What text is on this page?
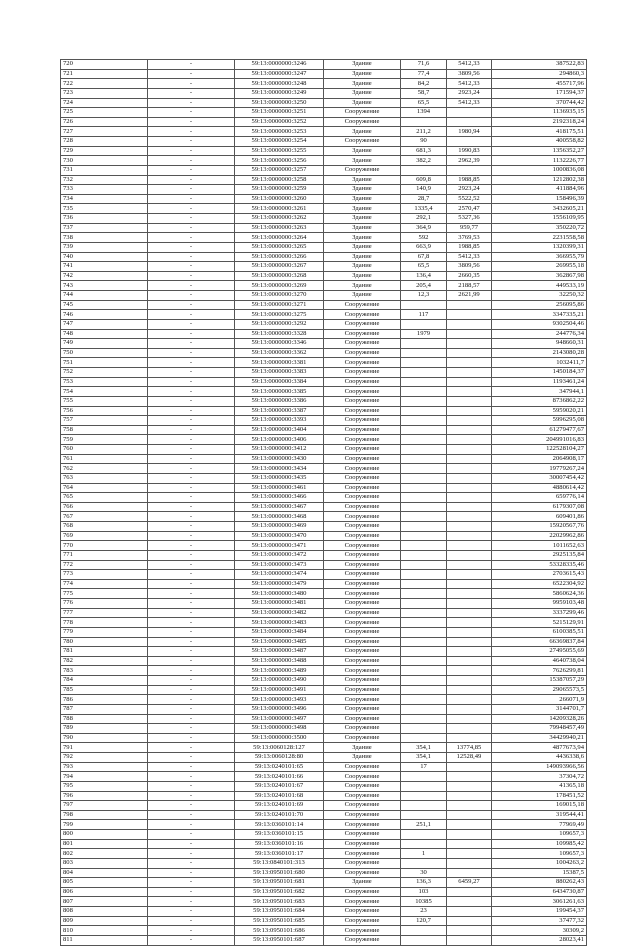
720	-	59:13:0000000:3246	Здание	71,6	5412,33	387522,83
721	-	59:13:0000000:3247	Здание	77,4	3809,56	294860,3
722	-	59:13:0000000:3248	Здание	84,2	5412,33	455717,96
723	-	59:13:0000000:3249	Здание	58,7	2923,24	171594,37
724	-	59:13:0000000:3250	Здание	65,5	5412,33	370744,42
725	-	59:13:0000000:3251	Сооружение	1394		1136935,15
726	-	59:13:0000000:3252	Сооружение			2192318,24
727	-	59:13:0000000:3253	Здание	211,2	1980,94	418175,51
728	-	59:13:0000000:3254	Сооружение	90		400558,82
729	-	59:13:0000000:3255	Здание	681,3	1990,83	1356352,27
730	-	59:13:0000000:3256	Здание	382,2	2962,39	1132226,77
731	-	59:13:0000000:3257	Сооружение			1000836,08
732	-	59:13:0000000:3258	Здание	609,8	1988,85	1212802,38
733	-	59:13:0000000:3259	Здание	140,9	2923,24	411884,96
734	-	59:13:0000000:3260	Здание	28,7	5522,52	158496,39
735	-	59:13:0000000:3261	Здание	1335,4	2570,47	3432605,21
736	-	59:13:0000000:3262	Здание	292,1	5327,36	1556109,95
737	-	59:13:0000000:3263	Здание	364,9	959,77	350220,72
738	-	59:13:0000000:3264	Здание	592	3769,53	2231558,58
739	-	59:13:0000000:3265	Здание	663,9	1988,85	1320399,31
740	-	59:13:0000000:3266	Здание	67,8	5412,33	366955,79
741	-	59:13:0000000:3267	Здание	65,5	3809,56	269955,18
742	-	59:13:0000000:3268	Здание	136,4	2660,35	362867,98
743	-	59:13:0000000:3269	Здание	205,4	2188,57	449533,19
744	-	59:13:0000000:3270	Здание	12,3	2621,99	32250,32
745	-	59:13:0000000:3271	Сооружение			256095,86
746	-	59:13:0000000:3275	Сооружение	117		3347335,21
747	-	59:13:0000000:3292	Сооружение			9302504,46
748	-	59:13:0000000:3328	Сооружение	1979		244776,34
749	-	59:13:0000000:3346	Сооружение			948660,31
750	-	59:13:0000000:3362	Сооружение			2143080,28
751	-	59:13:0000000:3381	Сооружение			1032411,7
752	-	59:13:0000000:3383	Сооружение			1450184,37
753	-	59:13:0000000:3384	Сооружение			1193461,24
754	-	59:13:0000000:3385	Сооружение			347944,1
755	-	59:13:0000000:3386	Сооружение			8736862,22
756	-	59:13:0000000:3387	Сооружение			5959020,21
757	-	59:13:0000000:3393	Сооружение			5996295,08
758	-	59:13:0000000:3404	Сооружение			61279477,67
759	-	59:13:0000000:3406	Сооружение			204991016,83
760	-	59:13:0000000:3412	Сооружение			122528104,27
761	-	59:13:0000000:3430	Сооружение			2064908,17
762	-	59:13:0000000:3434	Сооружение			19779267,24
763	-	59:13:0000000:3435	Сооружение			30007454,42
764	-	59:13:0000000:3461	Сооружение			4880614,42
765	-	59:13:0000000:3466	Сооружение			659776,14
766	-	59:13:0000000:3467	Сооружение			6179307,08
767	-	59:13:0000000:3468	Сооружение			609401,86
768	-	59:13:0000000:3469	Сооружение			15920567,76
769	-	59:13:0000000:3470	Сооружение			22029962,86
770	-	59:13:0000000:3471	Сооружение			1011652,63
771	-	59:13:0000000:3472	Сооружение			2925135,84
772	-	59:13:0000000:3473	Сооружение			53328335,46
773	-	59:13:0000000:3474	Сооружение			2703615,43
774	-	59:13:0000000:3479	Сооружение			6522304,92
775	-	59:13:0000000:3480	Сооружение			5860624,36
776	-	59:13:0000000:3481	Сооружение			9959103,48
777	-	59:13:0000000:3482	Сооружение			3337299,46
778	-	59:13:0000000:3483	Сооружение			5215129,91
779	-	59:13:0000000:3484	Сооружение			6100385,51
780	-	59:13:0000000:3485	Сооружение			66369837,84
781	-	59:13:0000000:3487	Сооружение			27495055,69
782	-	59:13:0000000:3488	Сооружение			4640738,04
783	-	59:13:0000000:3489	Сооружение			7626299,81
784	-	59:13:0000000:3490	Сооружение			15387057,29
785	-	59:13:0000000:3491	Сооружение			29065573,5
786	-	59:13:0000000:3493	Сооружение			266071,9
787	-	59:13:0000000:3496	Сооружение			3144701,7
788	-	59:13:0000000:3497	Сооружение			14209328,26
789	-	59:13:0000000:3498	Сооружение			79948457,49
790	-	59:13:0000000:3500	Сооружение			34429940,21
791	-	59:13:0060128:127	Здание	354,1	13774,85	4877673,94
792	-	59:13:0060128:80	Здание	354,1	12528,49	4436338,6
793	-	59:13:0240101:65	Сооружение	17		149093966,56
794	-	59:13:0240101:66	Сооружение			37304,72
795	-	59:13:0240101:67	Сооружение			41365,18
796	-	59:13:0240101:68	Сооружение			178451,52
797	-	59:13:0240101:69	Сооружение			169015,18
798	-	59:13:0240101:70	Сооружение			319544,41
799	-	59:13:0360101:14	Сооружение	251,1		77969,49
800	-	59:13:0360101:15	Сооружение			109657,3
801	-	59:13:0360101:16	Сооружение			109985,42
802	-	59:13:0360101:17	Сооружение	1		109657,3
803	-	59:13:0840101:313	Сооружение			1004263,2
804	-	59:13:0950101:680	Сооружение	30		15387,5
805	-	59:13:0950101:681	Здание	136,3	6459,27	880262,43
806	-	59:13:0950101:682	Сооружение	103		6434730,87
807	-	59:13:0950101:683	Сооружение	10385		3061261,63
808	-	59:13:0950101:684	Сооружение	23		199454,37
809	-	59:13:0950101:685	Сооружение	120,7		37477,32
810	-	59:13:0950101:686	Сооружение			30309,2
811	-	59:13:0950101:687	Сооружение			28023,41
